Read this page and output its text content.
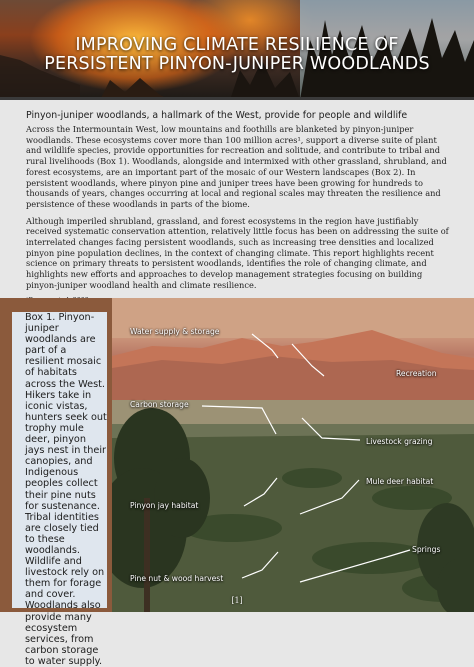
IMPROVING CLIMATE RESILIENCE OF
PERSISTENT PINYON-JUNIPER WOODLANDS

Pinyon-juniper woodlands, a hallmark of the West, provide for people and wildlife

Across the Intermountain West, low mountains and foothills are blanketed by pinyon-juniper woodlands. These ecosystems cover more than 100 million acres¹, support a diverse suite of plant and wildlife species, provide opportunities for recreation and solitude, and contribute to tribal and rural livelihoods (Box 1). Woodlands, alongside and intermixed with other grassland, shrubland, and forest ecosystems, are an important part of the mosaic of our Western landscapes (Box 2). In persistent woodlands, where pinyon pine and juniper trees have been growing for hundreds to thousands of years, changes occurring at local and regional scales may threaten the resilience and persistence of these woodlands in parts of the biome.

Although imperiled shrubland, grassland, and forest ecosystems in the region have justifiably received systematic conservation attention, relatively little focus has been on addressing the suite of interrelated changes facing persistent woodlands, such as increasing tree densities and localized pinyon pine population declines, in the context of changing climate. This report highlights recent science on primary threats to persistent woodlands, identifies the role of changing climate, and highlights new efforts and approaches to develop management strategies focusing on building pinyon-juniper woodland health and climate resilience.

Box 1. Pinyon-juniper woodlands are part of a resilient mosaic of habitats across the West. Hikers take in iconic vistas, hunters seek out trophy mule deer, pinyon jays nest in their canopies, and Indigenous peoples collect their pine nuts for sustenance. Tribal identities are closely tied to these woodlands. Wildlife and livestock rely on them for forage and cover. Woodlands also provide many ecosystem services, from carbon storage to water supply.

Water supply & storage
Recreation
Carbon storage
Livestock grazing
Mule deer habitat
Pinyon jay habitat
Springs
Pine nut & wood harvest
[1]
